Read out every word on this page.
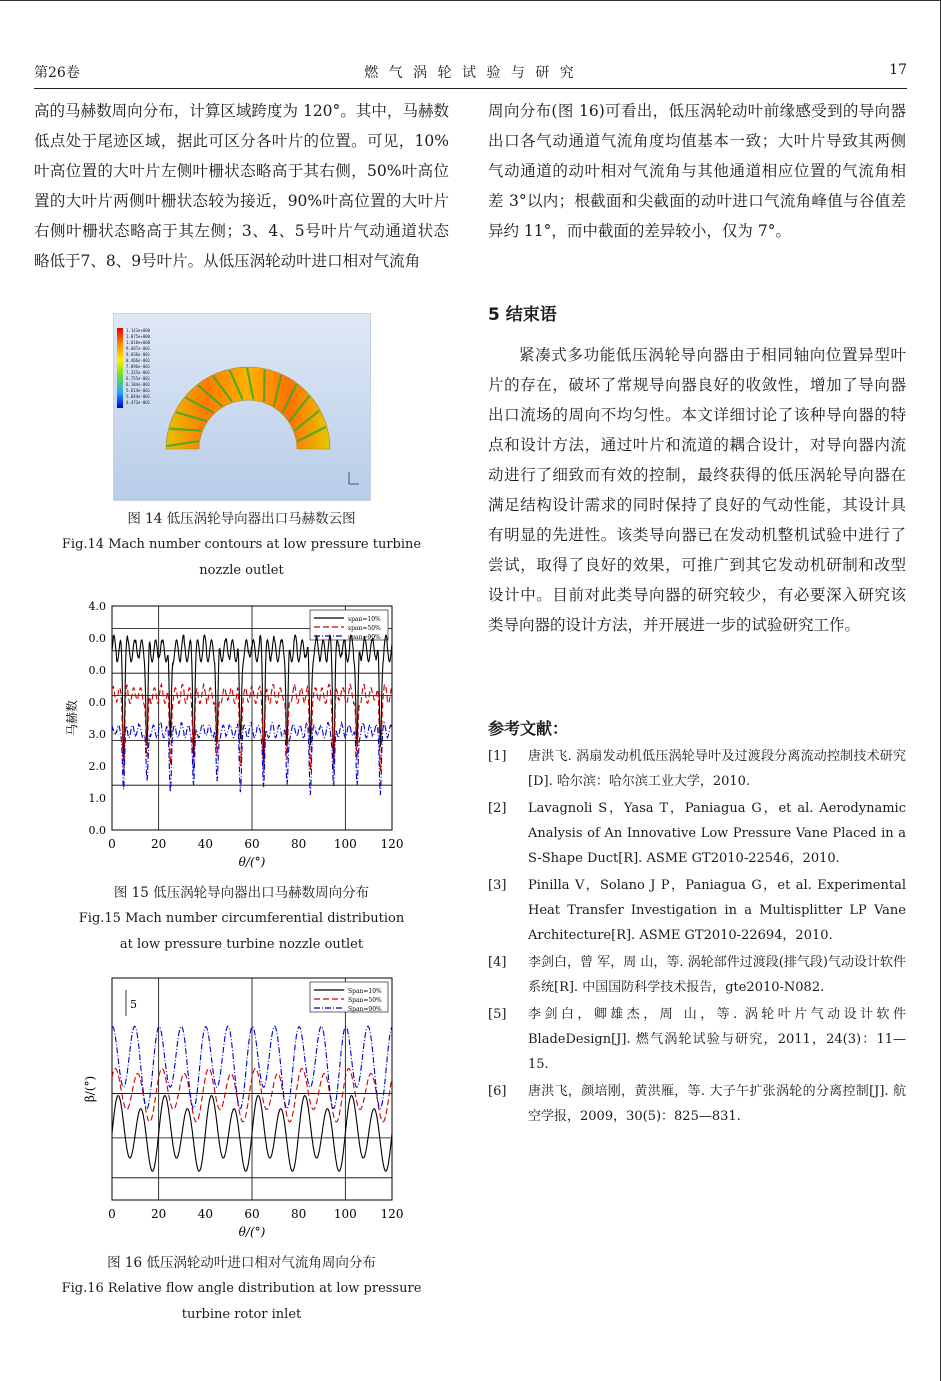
第26卷	燃 气 涡 轮 试 验 与 研 究	17

高的马赫数周向分布，计算区域跨度为 120°。其中，马赫数低点处于尾迹区域，据此可区分各叶片的位置。可见，10%叶高位置的大叶片左侧叶栅状态略高于其右侧，50%叶高位置的大叶片两侧叶栅状态较为接近，90%叶高位置的大叶片右侧叶栅状态略高于其左侧；3、4、5号叶片气动通道状态略低于7、8、9号叶片。从低压涡轮动叶进口相对气流角

周向分布(图 16)可看出，低压涡轮动叶前缘感受到的导向器出口各气动通道气流角度均值基本一致；大叶片导致其两侧气动通道的动叶相对气流角与其他通道相应位置的气流角相差 3°以内；根截面和尖截面的动叶进口气流角峰值与谷值差异约 11°，而中截面的差异较小，仅为 7°。

5 结束语

紧凑式多功能低压涡轮导向器由于相同轴向位置异型叶片的存在，破坏了常规导向器良好的收敛性，增加了导向器出口流场的周向不均匀性。本文详细讨论了该种导向器的特点和设计方法，通过叶片和流道的耦合设计，对导向器内流动进行了细致而有效的控制，最终获得的低压涡轮导向器在满足结构设计需求的同时保持了良好的气动性能，其设计具有明显的先进性。该类导向器已在发动机整机试验中进行了尝试，取得了良好的效果，可推广到其它发动机研制和改型设计中。目前对此类导向器的研究较少，有必要深入研究该类导向器的设计方法，并开展进一步的试验研究工作。

参考文献：
[1] 唐洪飞. 涡扇发动机低压涡轮导叶及过渡段分离流动控制技术研究[D]. 哈尔滨：哈尔滨工业大学，2010.
[2] Lavagnoli S，Yasa T，Paniagua G，et al. Aerodynamic Analysis of An Innovative Low Pressure Vane Placed in a S-Shape Duct[R]. ASME GT2010-22546，2010.
[3] Pinilla V，Solano J P，Paniagua G，et al. Experimental Heat Transfer Investigation in a Multisplitter LP Vane Architecture[R]. ASME GT2010-22694，2010.
[4] 李剑白，曾 军，周 山，等. 涡轮部件过渡段(排气段)气动设计软件系统[R]. 中国国防科学技术报告，gte2010-N082.
[5] 李剑白，卿雄杰，周 山，等. 涡轮叶片气动设计软件BladeDesign[J]. 燃气涡轮试验与研究，2011，24(3)：11—15.
[6] 唐洪飞，颜培刚，黄洪雁，等. 大子午扩张涡轮的分离控制[J]. 航空学报，2009，30(5)：825—831.
1.143e+000
1.075e+000
1.018e+000
9.607e-001
9.036e-001
8.466e-001
7.896e-001
7.325e-001
6.755e-001
6.184e-001
5.614e-001
5.044e-001
4.473e-001
图 14 低压涡轮导向器出口马赫数云图
Fig.14 Mach number contours at low pressure turbine nozzle outlet
0	20	40	60	80 100 120
θ/(°)
4.0
0.0
0.0
0.0
3.0
2.0
1.0
0.0
马赫数
span=10%
span=50%
span=90%
图 15 低压涡轮导向器出口马赫数周向分布
Fig.15 Mach number circumferential distribution at low pressure turbine nozzle outlet
0	20	40	60	80 100 120
θ/(°)
β/(°)
Span=10%
Span=50%
Span=90%
5
图 16 低压涡轮动叶进口相对气流角周向分布
Fig.16 Relative flow angle distribution at low pressure turbine rotor inlet
